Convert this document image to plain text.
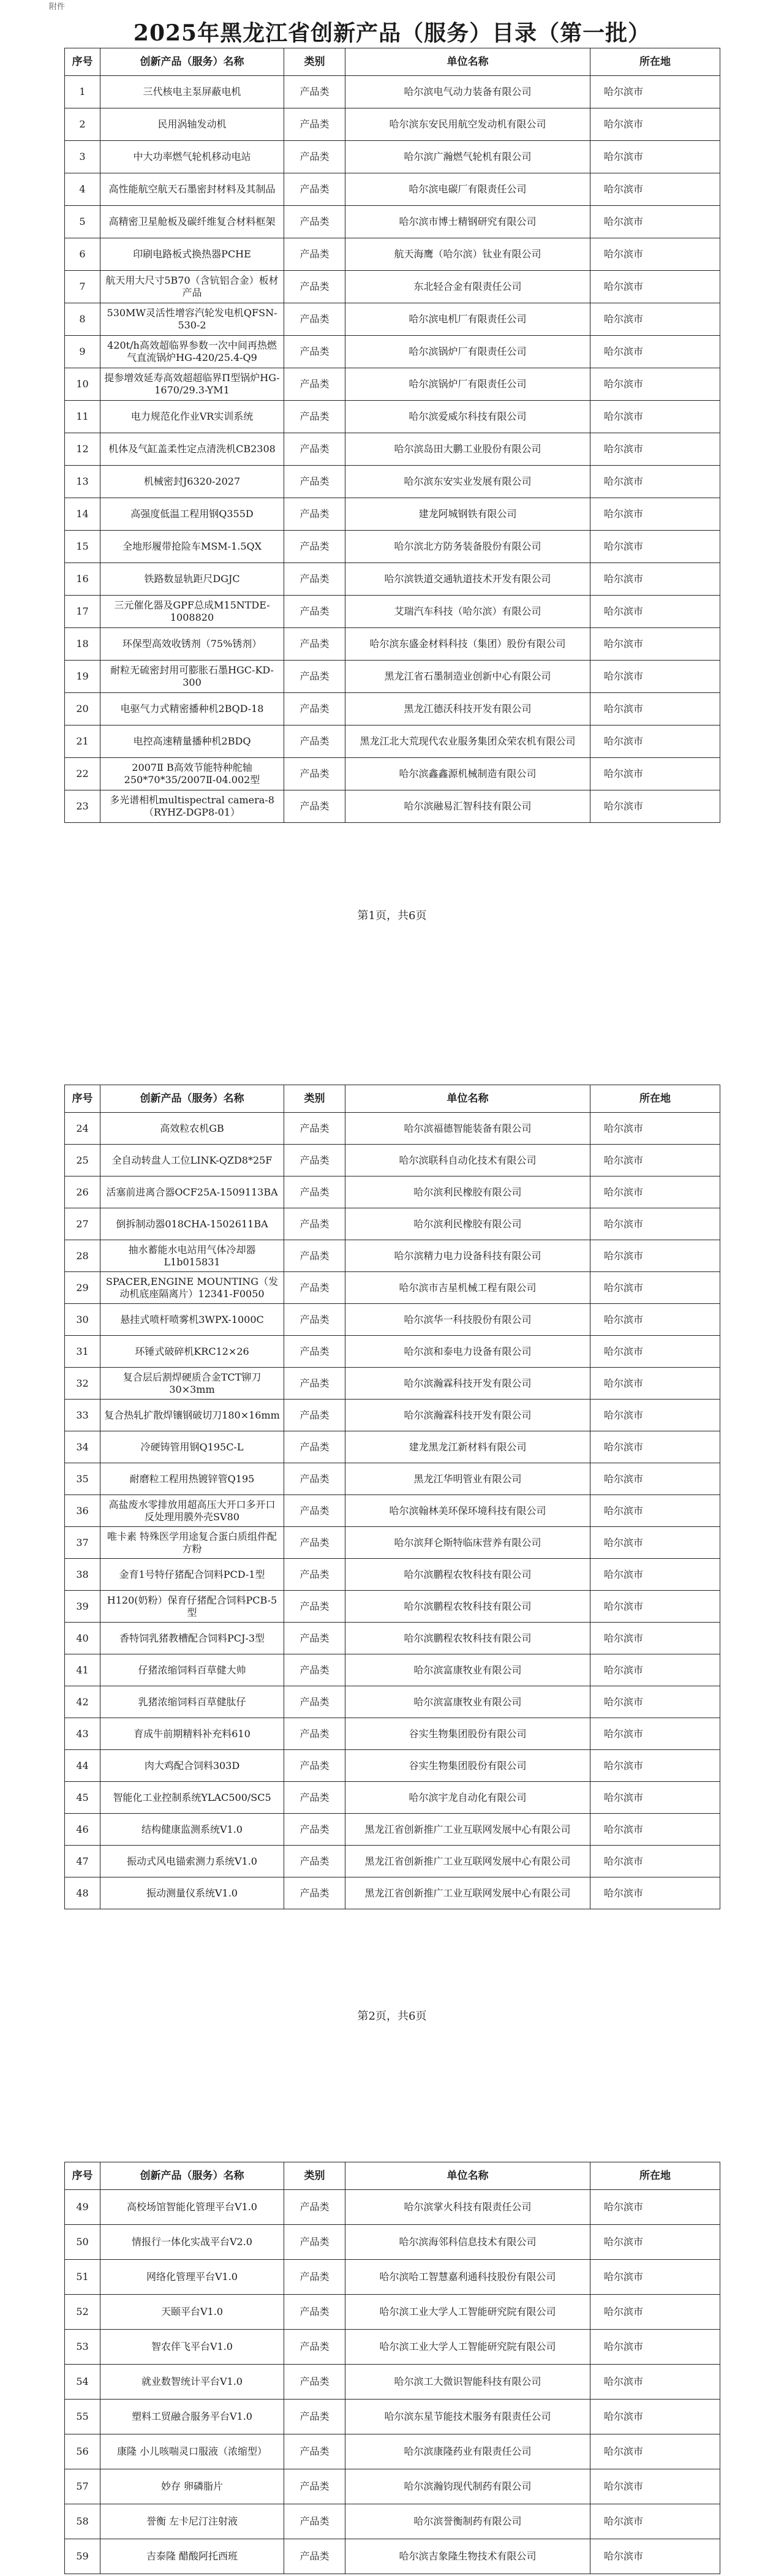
附件
2025年黑龙江省创新产品（服务）目录（第一批）
序号	创新产品（服务）名称	类别	单位名称	所在地
1	三代核电主泵屏蔽电机	产品类	哈尔滨电气动力装备有限公司	哈尔滨市
2	民用涡轴发动机	产品类	哈尔滨东安民用航空发动机有限公司	哈尔滨市
3	中大功率燃气轮机移动电站	产品类	哈尔滨广瀚燃气轮机有限公司	哈尔滨市
4	高性能航空航天石墨密封材料及其制品	产品类	哈尔滨电碳厂有限责任公司	哈尔滨市
5	高精密卫星舱板及碳纤维复合材料框架	产品类	哈尔滨市博士精钢研究有限公司	哈尔滨市
6	印刷电路板式换热器PCHE	产品类	航天海鹰（哈尔滨）钛业有限公司	哈尔滨市
7	航天用大尺寸5B70（含钪铝合金）板材产品	产品类	东北轻合金有限责任公司	哈尔滨市
8	530MW灵活性增容汽轮发电机QFSN-530-2	产品类	哈尔滨电机厂有限责任公司	哈尔滨市
9	420t/h高效超临界参数一次中间再热燃气直流锅炉HG-420/25.4-Q9	产品类	哈尔滨锅炉厂有限责任公司	哈尔滨市
10	提参增效延寿高效超超临界Π型锅炉HG-1670/29.3-YM1	产品类	哈尔滨锅炉厂有限责任公司	哈尔滨市
11	电力规范化作业VR实训系统	产品类	哈尔滨爱威尔科技有限公司	哈尔滨市
12	机体及气缸盖柔性定点清洗机CB2308	产品类	哈尔滨岛田大鹏工业股份有限公司	哈尔滨市
13	机械密封J6320-2027	产品类	哈尔滨东安实业发展有限公司	哈尔滨市
14	高强度低温工程用钢Q355D	产品类	建龙阿城钢铁有限公司	哈尔滨市
15	全地形履带抢险车MSM-1.5QX	产品类	哈尔滨北方防务装备股份有限公司	哈尔滨市
16	铁路数显轨距尺DGJC	产品类	哈尔滨铁道交通轨道技术开发有限公司	哈尔滨市
17	三元催化器及GPF总成M15NTDE-1008820	产品类	艾瑞汽车科技（哈尔滨）有限公司	哈尔滨市
18	环保型高效收锈剂（75%锈剂）	产品类	哈尔滨东盛金材料科技（集团）股份有限公司	哈尔滨市
19	耐粒无硫密封用可膨胀石墨HGC-KD-300	产品类	黑龙江省石墨制造业创新中心有限公司	哈尔滨市
20	电驱气力式精密播种机2BQD-18	产品类	黑龙江德沃科技开发有限公司	哈尔滨市
21	电控高速精量播种机2BDQ	产品类	黑龙江北大荒现代农业服务集团众荣农机有限公司	哈尔滨市
22	2007Ⅱ B高效节能特种舵轴250*70*35/2007Ⅱ-04.002型	产品类	哈尔滨鑫鑫源机械制造有限公司	哈尔滨市
23	多光谱相机multispectral camera-8（RYHZ-DGP8-01）	产品类	哈尔滨融易汇智科技有限公司	哈尔滨市
第1页，共6页
序号	创新产品（服务）名称	类别	单位名称	所在地
24	高效粒农机GB	产品类	哈尔滨福德智能装备有限公司	哈尔滨市
25	全自动转盘人工位LINK-QZD8*25F	产品类	哈尔滨联科自动化技术有限公司	哈尔滨市
26	活塞前进离合器OCF25A-1509113BA	产品类	哈尔滨利民橡胶有限公司	哈尔滨市
27	倒拆制动器018CHA-1502611BA	产品类	哈尔滨利民橡胶有限公司	哈尔滨市
28	抽水蓄能水电站用气体冷却器L1b015831	产品类	哈尔滨精力电力设备科技有限公司	哈尔滨市
29	SPACER,ENGINE MOUNTING（发动机底座隔离片）12341-F0050	产品类	哈尔滨市吉星机械工程有限公司	哈尔滨市
30	悬挂式喷杆喷雾机3WPX-1000C	产品类	哈尔滨华一科技股份有限公司	哈尔滨市
31	环锤式破碎机KRC12×26	产品类	哈尔滨和泰电力设备有限公司	哈尔滨市
32	复合层后割焊硬质合金TCT铆刀30×3mm	产品类	哈尔滨瀚霖科技开发有限公司	哈尔滨市
33	复合热轧扩散焊镶钢破切刀180×16mm	产品类	哈尔滨瀚霖科技开发有限公司	哈尔滨市
34	冷硬铸管用钢Q195C-L	产品类	建龙黑龙江新材料有限公司	哈尔滨市
35	耐磨粒工程用热镀锌管Q195	产品类	黑龙江华明管业有限公司	哈尔滨市
36	高盐废水零排放用超高压大开口多开口反处理用膜外壳SV80	产品类	哈尔滨翰林美环保环境科技有限公司	哈尔滨市
37	唯卡素 特殊医学用途复合蛋白质组件配方粉	产品类	哈尔滨拜仑斯特临床营养有限公司	哈尔滨市
38	金育1号特仔猪配合饲料PCD-1型	产品类	哈尔滨鹏程农牧科技有限公司	哈尔滨市
39	H120(奶粉）保育仔猪配合饲料PCB-5型	产品类	哈尔滨鹏程农牧科技有限公司	哈尔滨市
40	香特饲乳猪教槽配合饲料PCJ-3型	产品类	哈尔滨鹏程农牧科技有限公司	哈尔滨市
41	仔猪浓缩饲料百草健大帅	产品类	哈尔滨富康牧业有限公司	哈尔滨市
42	乳猪浓缩饲料百草健肽仔	产品类	哈尔滨富康牧业有限公司	哈尔滨市
43	育成牛前期精料补充料610	产品类	谷实生物集团股份有限公司	哈尔滨市
44	肉大鸡配合饲料303D	产品类	谷实生物集团股份有限公司	哈尔滨市
45	智能化工业控制系统YLAC500/SC5	产品类	哈尔滨宇龙自动化有限公司	哈尔滨市
46	结构健康监测系统V1.0	产品类	黑龙江省创新推广工业互联网发展中心有限公司	哈尔滨市
47	振动式风电锚索测力系统V1.0	产品类	黑龙江省创新推广工业互联网发展中心有限公司	哈尔滨市
48	振动测量仪系统V1.0	产品类	黑龙江省创新推广工业互联网发展中心有限公司	哈尔滨市
第2页，共6页
序号	创新产品（服务）名称	类别	单位名称	所在地
49	高校场馆智能化管理平台V1.0	产品类	哈尔滨掌火科技有限责任公司	哈尔滨市
50	情报行一体化实战平台V2.0	产品类	哈尔滨海邻科信息技术有限公司	哈尔滨市
51	网络化管理平台V1.0	产品类	哈尔滨哈工智慧嘉利通科技股份有限公司	哈尔滨市
52	天颐平台V1.0	产品类	哈尔滨工业大学人工智能研究院有限公司	哈尔滨市
53	智农伴飞平台V1.0	产品类	哈尔滨工业大学人工智能研究院有限公司	哈尔滨市
54	就业数智统计平台V1.0	产品类	哈尔滨工大微识智能科技有限公司	哈尔滨市
55	塑料工贸融合服务平台V1.0	产品类	哈尔滨东星节能技术服务有限责任公司	哈尔滨市
56	康隆 小儿咳喘灵口服液（浓缩型）	产品类	哈尔滨康隆药业有限责任公司	哈尔滨市
57	妙存 卵磷脂片	产品类	哈尔滨瀚钧现代制药有限公司	哈尔滨市
58	誉衡 左卡尼汀注射液	产品类	哈尔滨誉衡制药有限公司	哈尔滨市
59	吉泰隆 醋酸阿托西班	产品类	哈尔滨吉象隆生物技术有限公司	哈尔滨市
